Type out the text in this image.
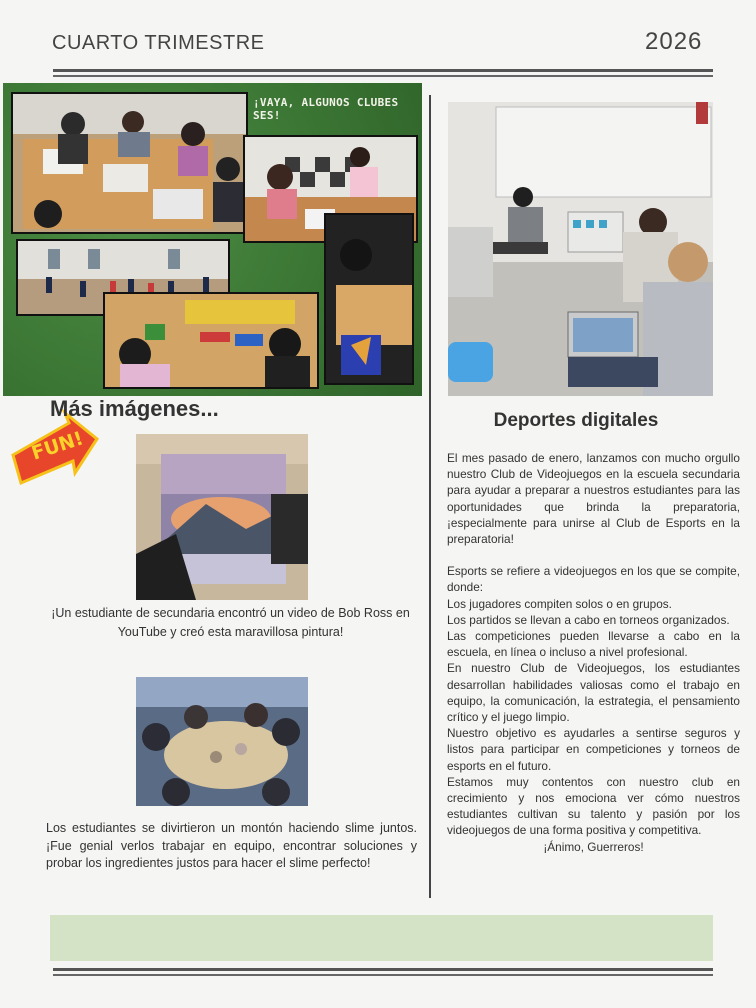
CUARTO TRIMESTRE	2026
¡VAYA, ALGUNOS CLUBES SES!
FUN!
Más imágenes...
¡Un estudiante de secundaria encontró un video de Bob Ross en YouTube y creó esta maravillosa pintura!
Los estudiantes se divirtieron un montón haciendo slime juntos. ¡Fue genial verlos trabajar en equipo, encontrar soluciones y probar los ingredientes justos para hacer el slime perfecto!
Deportes digitales

El mes pasado de enero, lanzamos con mucho orgullo nuestro Club de Videojuegos en la escuela secundaria para ayudar a preparar a nuestros estudiantes para las oportunidades que brinda la preparatoria, ¡especialmente para unirse al Club de Esports en la preparatoria!

Esports se refiere a videojuegos en los que se compite, donde:

Los jugadores compiten solos o en grupos.

Los partidos se llevan a cabo en torneos organizados.

Las competiciones pueden llevarse a cabo en la escuela, en línea o incluso a nivel profesional.

En nuestro Club de Videojuegos, los estudiantes desarrollan habilidades valiosas como el trabajo en equipo, la comunicación, la estrategia, el pensamiento crítico y el juego limpio.

Nuestro objetivo es ayudarles a sentirse seguros y listos para participar en competiciones y torneos de esports en el futuro.

Estamos muy contentos con nuestro club en crecimiento y nos emociona ver cómo nuestros estudiantes cultivan su talento y pasión por los videojuegos de una forma positiva y competitiva.

¡Ánimo, Guerreros!
